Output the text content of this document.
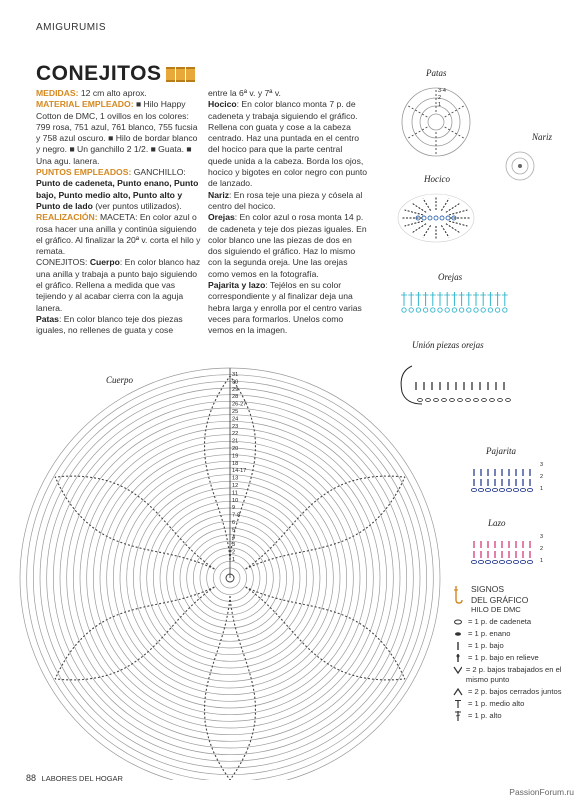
AMIGURUMIS
CONEJITOS

MEDIDAS: 12 cm alto aprox.

MATERIAL EMPLEADO: ■ Hilo Happy Cotton de DMC, 1 ovillos en los colores: 799 rosa, 751 azul, 761 blanco, 755 fucsia y 758 azul oscuro. ■ Hilo de bordar blanco y negro. ■ Un ganchillo 2 1/2. ■ Guata. ■ Una agu. lanera.

PUNTOS EMPLEADOS: GANCHILLO: Punto de cadeneta, Punto enano, Punto bajo, Punto medio alto, Punto alto y Punto de lado (ver puntos utilizados).

REALIZACIÓN: MACETA: En color azul o rosa hacer una anilla y continúa siguiendo el gráfico. Al finalizar la 20ª v. corta el hilo y remata.

CONEJITOS: Cuerpo: En color blanco haz una anilla y trabaja a punto bajo siguiendo el gráfico. Rellena a medida que vas tejiendo y al acabar cierra con la aguja lanera.

Patas: En color blanco teje dos piezas iguales, no rellenes de guata y cose

entre la 6ª v. y 7ª v.

Hocico: En color blanco monta 7 p. de cadeneta y trabaja siguiendo el gráfico. Rellena con guata y cose a la cabeza centrado. Haz una puntada en el centro del hocico para que la parte central quede unida a la cabeza. Borda los ojos, hocico y bigotes en color negro con punto de lanzado.

Nariz: En rosa teje una pieza y cósela al centro del hocico.

Orejas: En color azul o rosa monta 14 p. de cadeneta y teje dos piezas iguales. En color blanco une las piezas de dos en dos siguiendo el gráfico. Haz lo mismo con la segunda oreja. Une las orejas como vemos en la fotografía.

Pajarita y lazo: Tejélos en su color correspondiente y al finalizar deja una hebra larga y enrolla por el centro varias veces para formarlos. Unelos como vemos en la imagen.

Cuerpo	31
30
29
28
26-27
25
24
23
22
21
20
19
18
14-17
13
12
11
10
9
7-8
6
5
4
3
2
1
Patas
3-4
2
1
Nariz
Hocico
Orejas
Unión piezas orejas
Pajarita
3
2
1
Lazo
3
2
1
SIGNOS
DEL GRÁFICO
HILO DE DMC
= 1 p. de cadeneta
= 1 p. enano
= 1 p. bajo
= 1 p. bajo en relieve
= 2 p. bajos trabajados en el mismo punto
= 2 p. bajos cerrados juntos
= 1 p. medio alto
= 1 p. alto
88 LABORES DEL HOGAR
PassionForum.ru
